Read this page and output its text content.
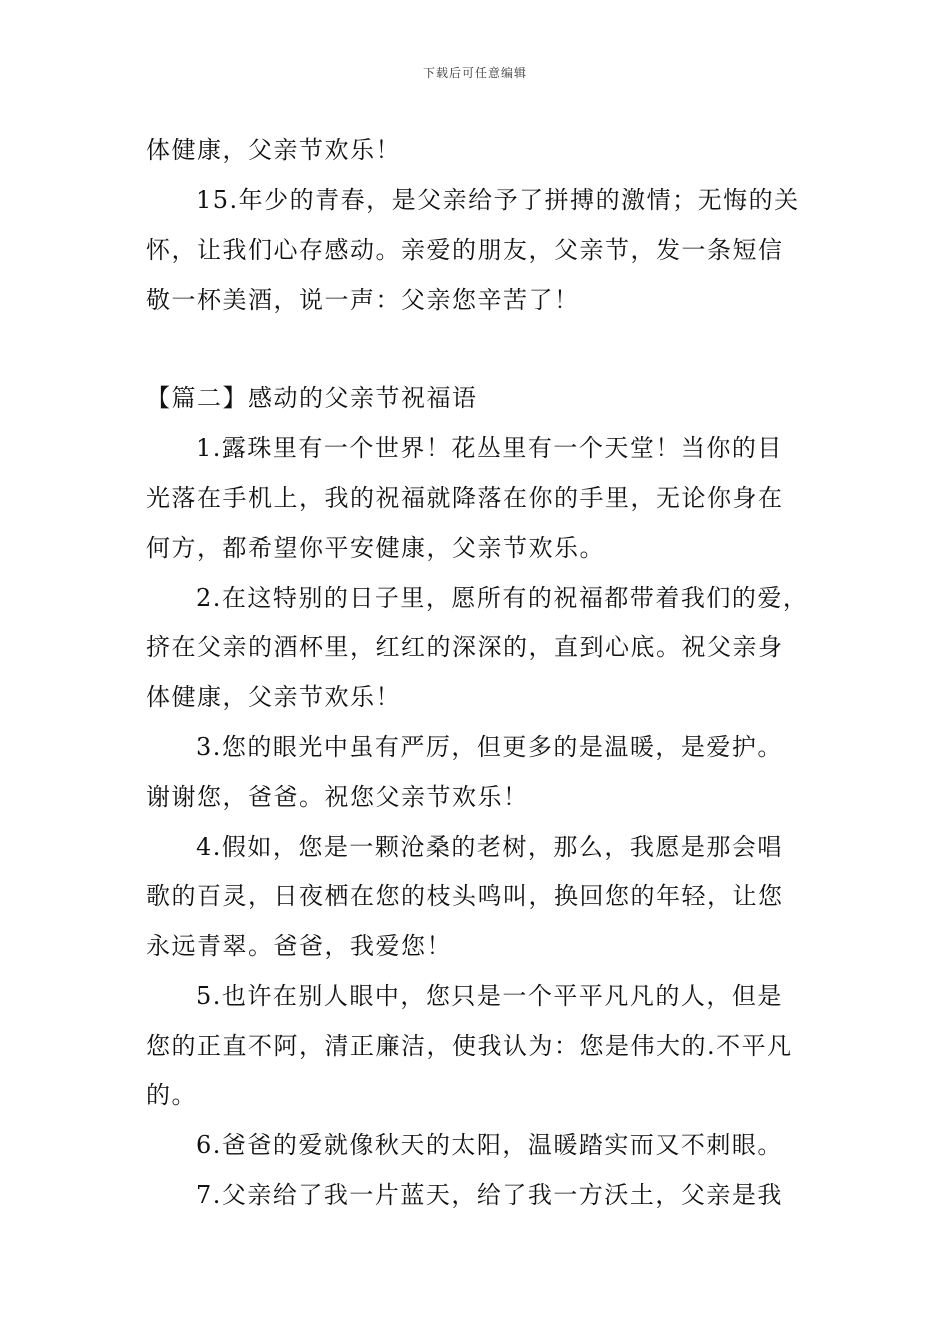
下载后可任意编辑
体健康，父亲节欢乐！
15.年少的青春，是父亲给予了拼搏的激情；无悔的关
怀，让我们心存感动。亲爱的朋友，父亲节，发一条短信
敬一杯美酒，说一声：父亲您辛苦了！
【篇二】感动的父亲节祝福语
1.露珠里有一个世界！花丛里有一个天堂！当你的目
光落在手机上，我的祝福就降落在你的手里，无论你身在
何方，都希望你平安健康，父亲节欢乐。
2.在这特别的日子里，愿所有的祝福都带着我们的爱，
挤在父亲的酒杯里，红红的深深的，直到心底。祝父亲身
体健康，父亲节欢乐！
3.您的眼光中虽有严厉，但更多的是温暖，是爱护。
谢谢您，爸爸。祝您父亲节欢乐！
4.假如，您是一颗沧桑的老树，那么，我愿是那会唱
歌的百灵，日夜栖在您的枝头鸣叫，换回您的年轻，让您
永远青翠。爸爸，我爱您！
5.也许在别人眼中，您只是一个平平凡凡的人，但是
您的正直不阿，清正廉洁，使我认为：您是伟大的.不平凡
的。
6.爸爸的爱就像秋天的太阳，温暖踏实而又不刺眼。
7.父亲给了我一片蓝天，给了我一方沃土，父亲是我
